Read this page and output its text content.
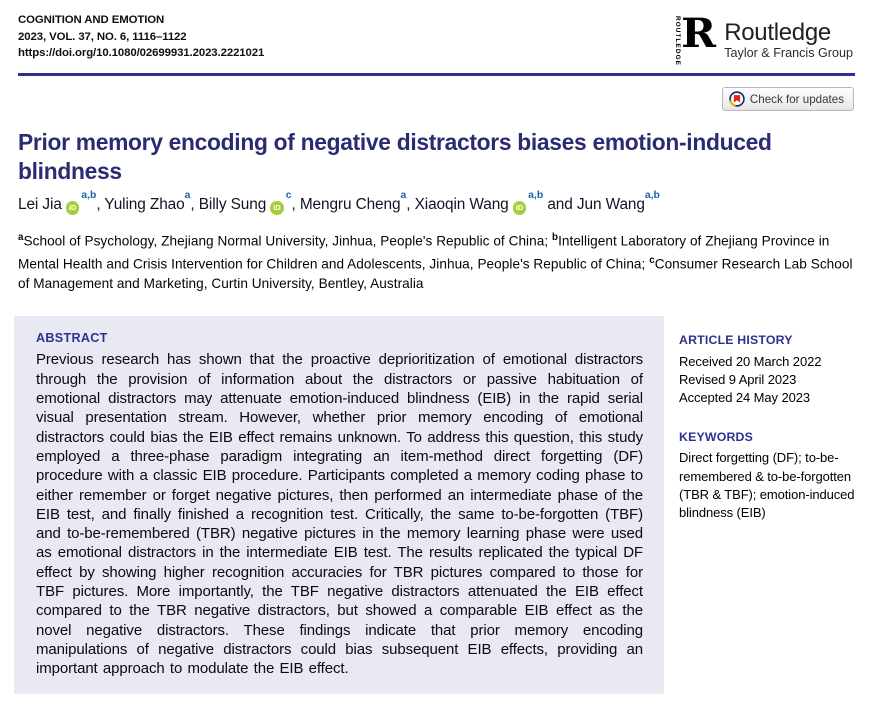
COGNITION AND EMOTION
2023, VOL. 37, NO. 6, 1116–1122
https://doi.org/10.1080/02699931.2023.2221021	ROUTLEDGE R Routledge
Taylor & Francis Group
Check for updates
Prior memory encoding of negative distractors biases emotion-induced blindness
Lei Jia iD$^{a,b}$, Yuling Zhao$^a$, Billy Sung $iD^c$, Mengru Cheng$^a$, Xiaoqin Wang iD$^{a,b}$ and Jun Wang$^{a,b}$

$^a$School of Psychology, Zhejiang Normal University, Jinhua, People's Republic of China; $^b$Intelligent Laboratory of Zhejiang Province in Mental Health and Crisis Intervention for Children and Adolescents, Jinhua, People's Republic of China; $^c$Consumer Research Lab School of Management and Marketing, Curtin University, Bentley, Australia

ABSTRACT

Previous research has shown that the proactive deprioritization of emotional distractors through the provision of information about the distractors or passive habituation of emotional distractors may attenuate emotion-induced blindness (EIB) in the rapid serial visual presentation stream. However, whether prior memory encoding of emotional distractors could bias the EIB effect remains unknown. To address this question, this study employed a three-phase paradigm integrating an item-method direct forgetting (DF) procedure with a classic EIB procedure. Participants completed a memory coding phase to either remember or forget negative pictures, then performed an intermediate phase of the EIB test, and finally finished a recognition test. Critically, the same to-be-forgotten (TBF) and to-be-remembered (TBR) negative pictures in the memory learning phase were used as emotional distractors in the intermediate EIB test. The results replicated the typical DF effect by showing higher recognition accuracies for TBR pictures compared to those for TBF pictures. More importantly, the TBF negative distractors attenuated the EIB effect compared to the TBR negative distractors, but showed a comparable EIB effect as the novel negative distractors. These findings indicate that prior memory encoding manipulations of negative distractors could bias subsequent EIB effects, providing an important approach to modulate the EIB effect.

ARTICLE HISTORY
Received 20 March 2022
Revised 9 April 2023
Accepted 24 May 2023
KEYWORDS
Direct forgetting (DF); to-be-remembered & to-be-forgotten (TBR & TBF); emotion-induced blindness (EIB)
